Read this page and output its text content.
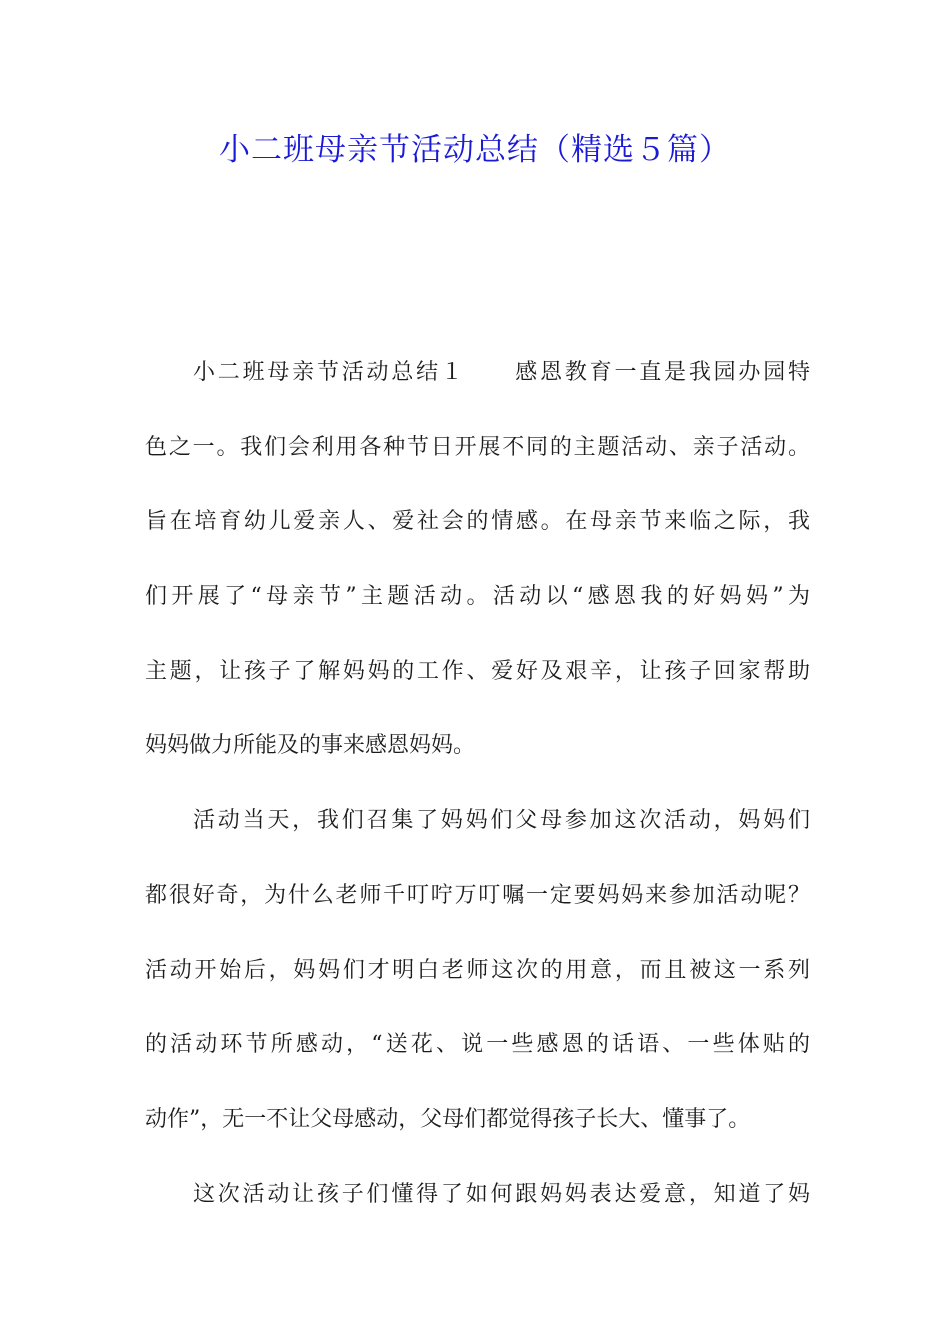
小二班母亲节活动总结（精选５篇）
小二班母亲节活动总结１　　感恩教育一直是我园办园特
色之一。我们会利用各种节日开展不同的主题活动、亲子活动。
旨在培育幼儿爱亲人、爱社会的情感。在母亲节来临之际，我
们开展了“母亲节”主题活动。活动以“感恩我的好妈妈”为
主题，让孩子了解妈妈的工作、爱好及艰辛，让孩子回家帮助
妈妈做力所能及的事来感恩妈妈。
活动当天，我们召集了妈妈们父母参加这次活动，妈妈们
都很好奇，为什么老师千叮咛万叮嘱一定要妈妈来参加活动呢？
活动开始后，妈妈们才明白老师这次的用意，而且被这一系列
的活动环节所感动，“送花、说一些感恩的话语、一些体贴的
动作”，无一不让父母感动，父母们都觉得孩子长大、懂事了。
这次活动让孩子们懂得了如何跟妈妈表达爱意，知道了妈
